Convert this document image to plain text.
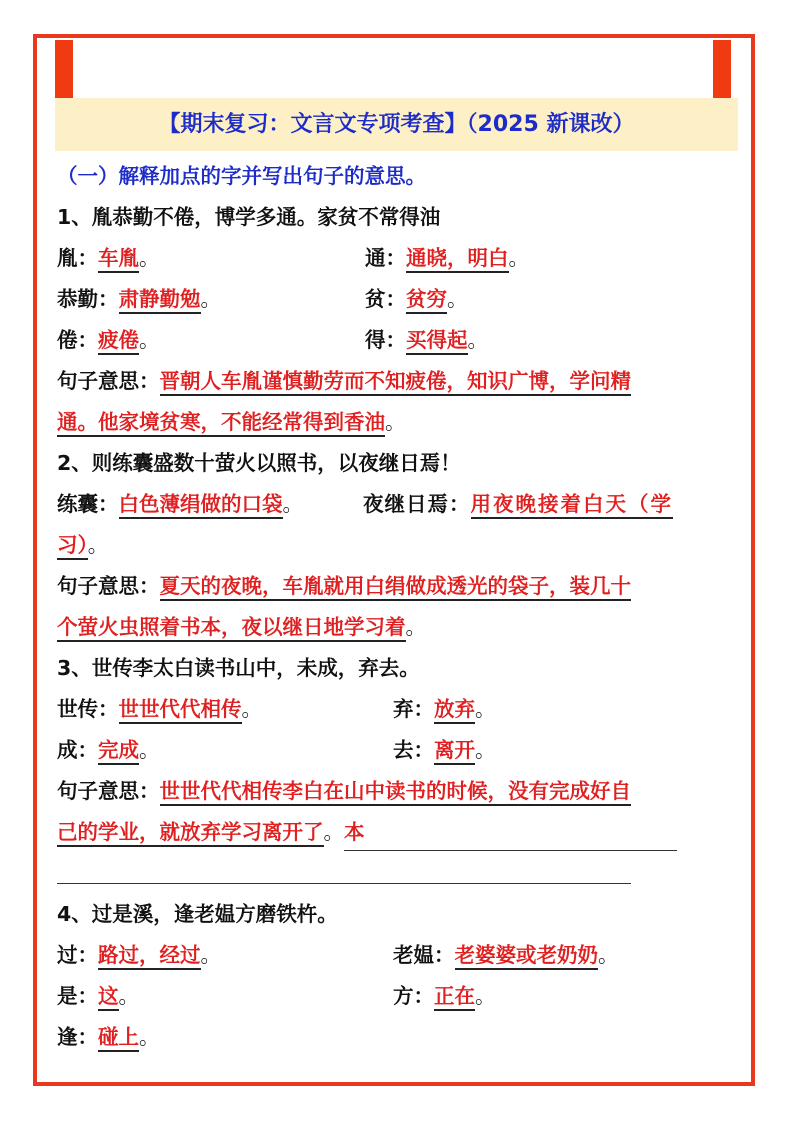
【期末复习：文言文专项考查】（2025 新课改）
（一）解释加点的字并写出句子的意思。
1、胤恭勤不倦，博学多通。家贫不常得油
胤：车胤。	通：通晓，明白。
恭勤：肃静勤勉。	贫：贫穷。
倦：疲倦。	得：买得起。
句子意思：晋朝人车胤谨慎勤劳而不知疲倦，知识广博，学问精
通。他家境贫寒，不能经常得到香油。
2、则练囊盛数十萤火以照书，以夜继日焉！
练囊：白色薄绢做的口袋。	夜继日焉：用夜晚接着白天（学
习）。
句子意思：夏天的夜晚，车胤就用白绢做成透光的袋子，装几十
个萤火虫照着书本，夜以继日地学习着。
3、世传李太白读书山中，未成，弃去。
世传：世世代代相传。	弃：放弃。
成：完成。	去：离开。
句子意思：世世代代相传李白在山中读书的时候，没有完成好自
己的学业，就放弃学习离开了。本
4、过是溪，逢老媪方磨铁杵。
过：路过，经过。	老媪：老婆婆或老奶奶。
是：这。	方：正在。
逢：碰上。
